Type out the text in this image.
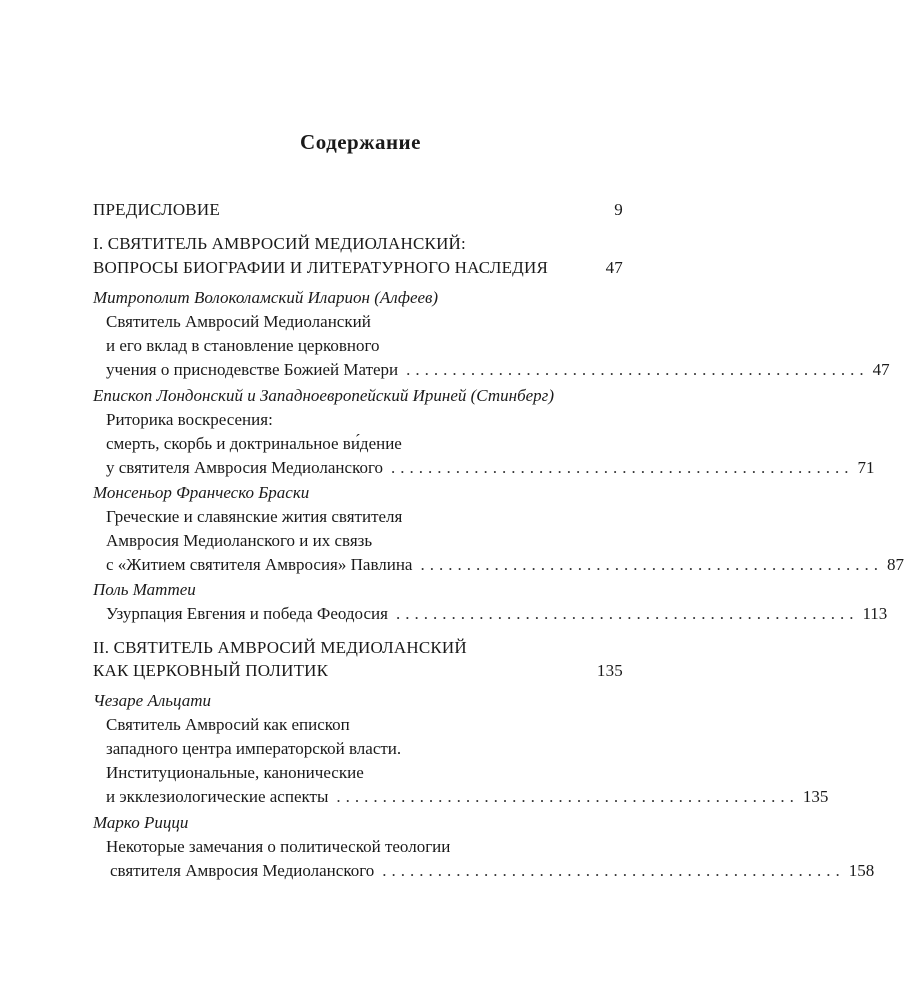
Содержание
ПРЕДИСЛОВИЕ	9
I. СВЯТИТЕЛЬ АМВРОСИЙ МЕДИОЛАНСКИЙ:
ВОПРОСЫ БИОГРАФИИ И ЛИТЕРАТУРНОГО НАСЛЕДИЯ	47
Митрополит Волоколамский Иларион (Алфеев)
Святитель Амвросий Медиоланский
и его вклад в становление церковного
учения о приснодевстве Божией Матери .................................................. 47
Епископ Лондонский и Западноевропейский Ириней (Стинберг)
Риторика воскресения:
смерть, скорбь и доктринальное ви́дение
у святителя Амвросия Медиоланского .................................................. 71
Монсеньор Франческо Браски
Греческие и славянские жития святителя
Амвросия Медиоланского и их связь
с «Житием святителя Амвросия» Павлина .................................................. 87
Поль Маттеи
Узурпация Евгения и победа Феодосия .................................................. 113
II. СВЯТИТЕЛЬ АМВРОСИЙ МЕДИОЛАНСКИЙ
КАК ЦЕРКОВНЫЙ ПОЛИТИК	135
Чезаре Альцати
Святитель Амвросий как епископ
западного центра императорской власти.
Институциональные, канонические
и экклезиологические аспекты .................................................. 135
Марко Рицци
Некоторые замечания о политической теологии
святителя Амвросия Медиоланского .................................................. 158
